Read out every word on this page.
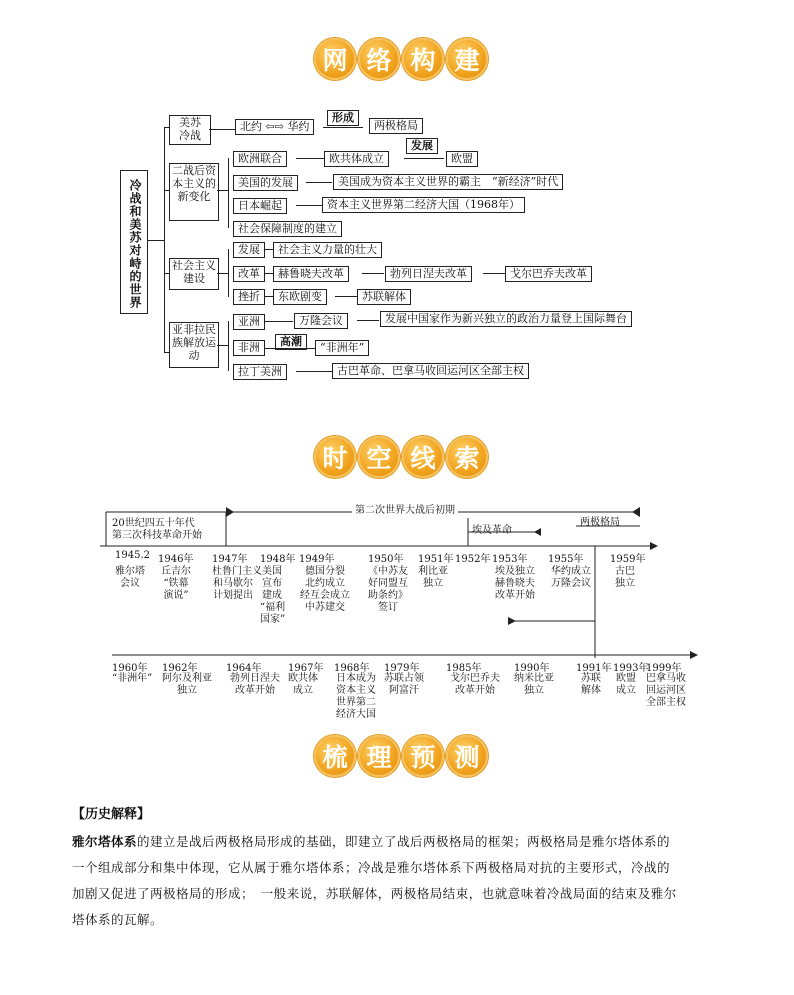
网 络 构 建
冷战和美苏对峙的世界
美苏冷战
北约 ⇦⇨ 华约
形成
两极格局
二战后资本主义的新变化
欧洲联合	欧共体成立
发展
欧盟
美国的发展	美国成为资本主义世界的霸主　“新经济”时代
日本崛起	资本主义世界第二经济大国（1968年）
社会保障制度的建立
社会主义建设
发展	社会主义力量的壮大
改革	赫鲁晓夫改革	勃列日涅夫改革	戈尔巴乔夫改革
挫折	东欧剧变	苏联解体
亚非拉民族解放运动
亚洲	万隆会议	发展中国家作为新兴独立的政治力量登上国际舞台
非洲	高潮	“非洲年”
拉丁美洲	古巴革命、巴拿马收回运河区全部主权
时 空 线 索
20世纪四五十年代
第三次科技革命开始
第二次世界大战后初期
埃及革命
两极格局
1945.2
雅尔塔
会议
1946年
丘吉尔
“铁幕
演说”
1947年
杜鲁门主义
和马歇尔
计划提出
1948年
美国
宣布
建成
“福利
国家”
1949年
德国分裂
北约成立
经互会成立
中苏建交
1950年
《中苏友
好同盟互
助条约》
签订
1951年
利比亚
独立
1952年 1953年
埃及独立
赫鲁晓夫
改革开始
1955年
华约成立
万隆会议
1959年
古巴
独立
1960年
“非洲年”
1962年
阿尔及利亚
独立
1964年
勃列日涅夫
改革开始
1967年
欧共体
成立
1968年
日本成为
资本主义
世界第二
经济大国
1979年
苏联占领
阿富汗
1985年
戈尔巴乔夫
改革开始
1990年
纳米比亚
独立
1991年
苏联
解体
1993年
欧盟
成立
1999年
巴拿马收
回运河区
全部主权
梳 理 预 测
【历史解释】
雅尔塔体系的建立是战后两极格局形成的基础，即建立了战后两极格局的框架；两极格局是雅尔塔体系的
一个组成部分和集中体现，它从属于雅尔塔体系；冷战是雅尔塔体系下两极格局对抗的主要形式，冷战的
加剧又促进了两极格局的形成；　一般来说，苏联解体，两极格局结束，也就意味着冷战局面的结束及雅尔
塔体系的瓦解。
